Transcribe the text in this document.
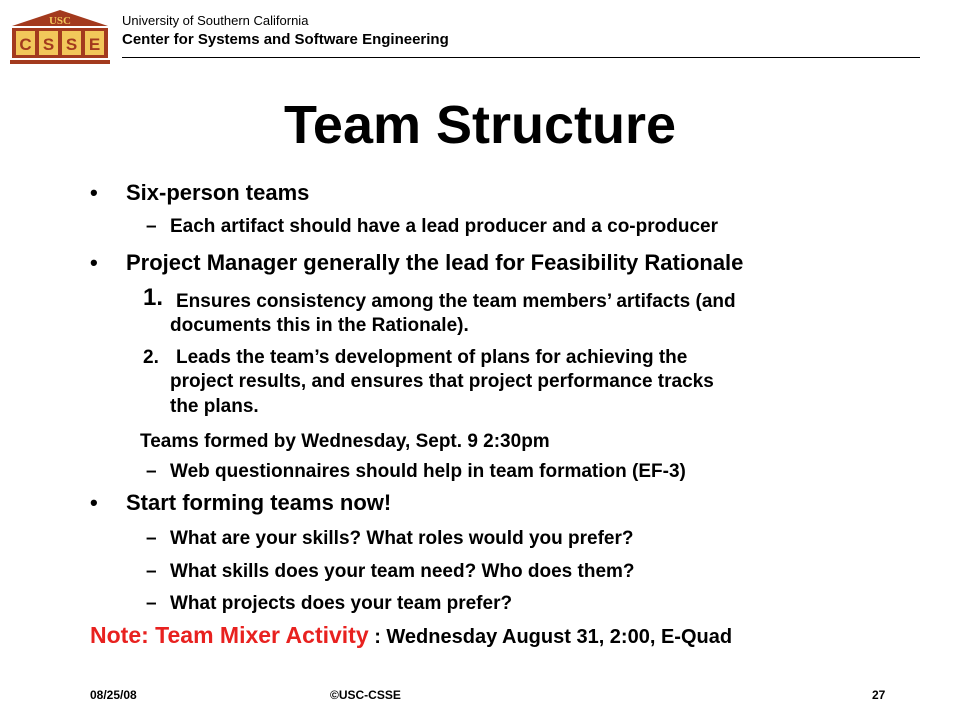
USC
C S S E
University of Southern California
Center for Systems and Software Engineering
Team Structure
• Six-person teams
– Each artifact should have a lead producer and a co-producer
• Project Manager generally the lead for Feasibility Rationale
1. Ensures consistency among the team members’ artifacts (and
documents this in the Rationale).
2. Leads the team’s development of plans for achieving the
project results, and ensures that project performance tracks
the plans.
Teams formed by Wednesday, Sept. 9 2:30pm
– Web questionnaires should help in team formation (EF-3)
• Start forming teams now!
– What are your skills? What roles would you prefer?
– What skills does your team need? Who does them?
– What projects does your team prefer?
Note: Team Mixer Activity : Wednesday August 31, 2:00, E-Quad
08/25/08	©USC-CSSE	27
